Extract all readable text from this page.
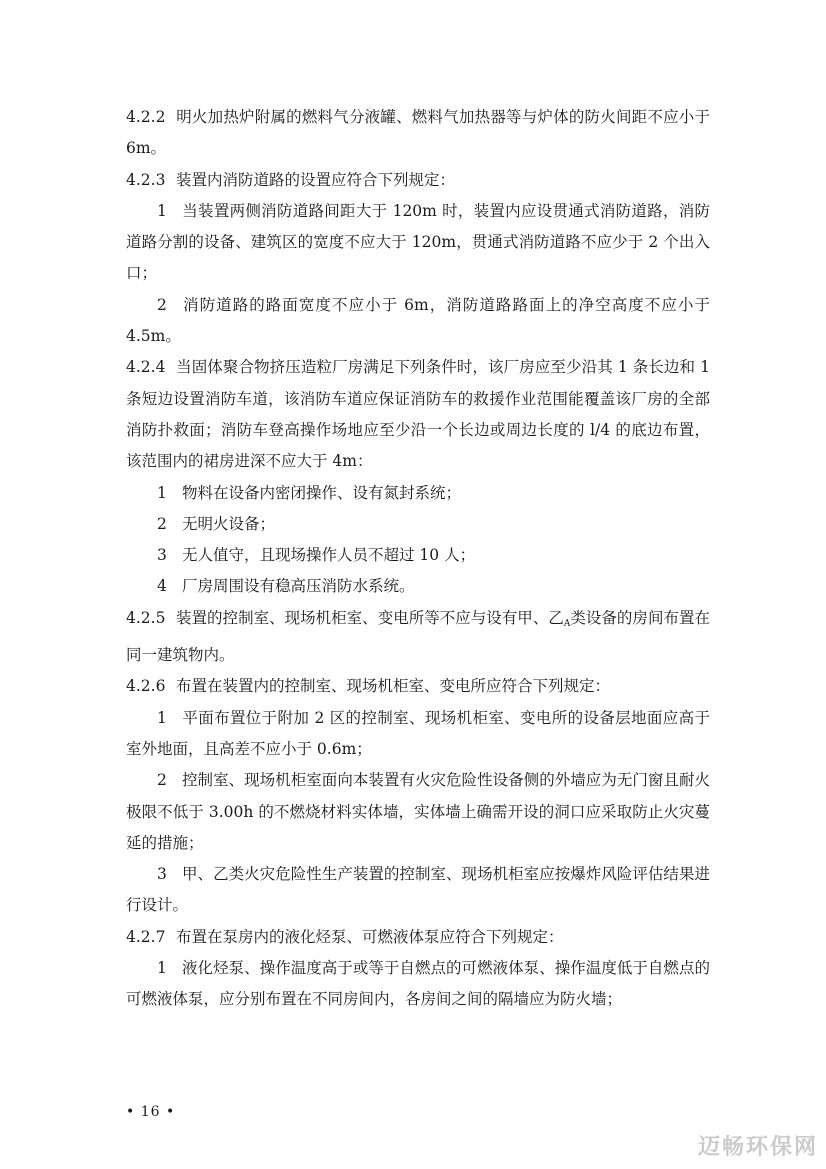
4.2.2 明火加热炉附属的燃料气分液罐、燃料气加热器等与炉体的防火间距不应小于 6m。

4.2.3 装置内消防道路的设置应符合下列规定：

1 当装置两侧消防道路间距大于 120m 时，装置内应设贯通式消防道路，消防道路分割的设备、建筑区的宽度不应大于 120m，贯通式消防道路不应少于 2 个出入口；

2 消防道路的路面宽度不应小于 6m，消防道路路面上的净空高度不应小于 4.5m。

4.2.4 当固体聚合物挤压造粒厂房满足下列条件时，该厂房应至少沿其 1 条长边和 1 条短边设置消防车道，该消防车道应保证消防车的救援作业范围能覆盖该厂房的全部消防扑救面；消防车登高操作场地应至少沿一个长边或周边长度的 l/4 的底边布置，该范围内的裙房进深不应大于 4m：

1 物料在设备内密闭操作、设有氮封系统；

2 无明火设备；

3 无人值守，且现场操作人员不超过 10 人；

4 厂房周围设有稳高压消防水系统。

4.2.5 装置的控制室、现场机柜室、变电所等不应与设有甲、乙$_A$类设备的房间布置在同一建筑物内。

4.2.6 布置在装置内的控制室、现场机柜室、变电所应符合下列规定：

1 平面布置位于附加 2 区的控制室、现场机柜室、变电所的设备层地面应高于室外地面，且高差不应小于 0.6m；

2 控制室、现场机柜室面向本装置有火灾危险性设备侧的外墙应为无门窗且耐火极限不低于 3.00h 的不燃烧材料实体墙，实体墙上确需开设的洞口应采取防止火灾蔓延的措施；

3 甲、乙类火灾危险性生产装置的控制室、现场机柜室应按爆炸风险评估结果进行设计。

4.2.7 布置在泵房内的液化烃泵、可燃液体泵应符合下列规定：

1 液化烃泵、操作温度高于或等于自燃点的可燃液体泵、操作温度低于自燃点的可燃液体泵，应分别布置在不同房间内，各房间之间的隔墙应为防火墙；

• 16 •
迈畅环保网
